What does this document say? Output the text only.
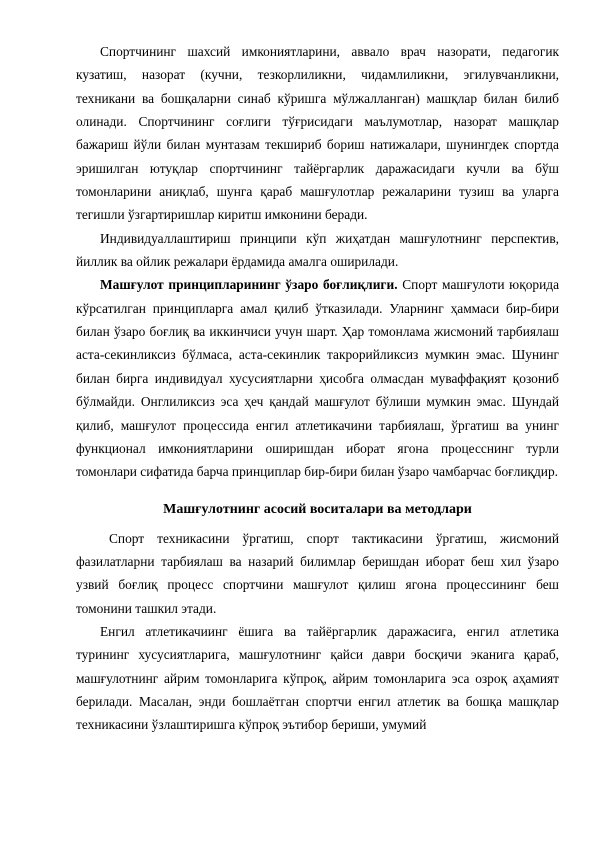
Спортчининг шахсий имкониятларини, аввало врач назорати, педагогик кузатиш, назорат (кучни, тезкорлиликни, чидамлиликни, эгилувчанликни, техникани ва бошқаларни синаб кўришга мўлжалланган) машқлар билан билиб олинади. Спортчининг соғлиги тўғрисидаги маълумотлар, назорат машқлар бажариш йўли билан мунтазам текшириб бориш натижалари, шунингдек спортда эришилган ютуқлар спортчининг тайёргарлик даражасидаги кучли ва бўш томонларини аниқлаб, шунга қараб машғулотлар режаларини тузиш ва уларга тегишли ўзгартиришлар киритш имконини беради.

Индивидуаллаштириш принципи кўп жиҳатдан машғулотнинг перспектив, йиллик ва ойлик режалари ёрдамида амалга оширилади.

Машғулот принципларининг ўзаро боғлиқлиги. Спорт машғулоти юқорида кўрсатилган принципларга амал қилиб ўтказилади. Уларнинг ҳаммаси бир-бири билан ўзаро боғлиқ ва иккинчиси учун шарт. Ҳар томонлама жисмоний тарбиялаш аста-секинликсиз бўлмаса, аста-секинлик такрорийликсиз мумкин эмас. Шунинг билан бирга индивидуал хусусиятларни ҳисобга олмасдан муваффақият қозониб бўлмайди. Онглиликсиз эса ҳеч қандай машғулот бўлиши мумкин эмас. Шундай қилиб, машғулот процессида енгил атлетикачини тарбиялаш, ўргатиш ва унинг функционал имкониятларини оширишдан иборат ягона процесснинг турли томонлари сифатида барча принциплар бир-бири билан ўзаро чамбарчас боғлиқдир.

Машғулотнинг асосий воситалари ва методлари

Спорт техникасини ўргатиш, спорт тактикасини ўргатиш, жисмоний фазилатларни тарбиялаш ва назарий билимлар беришдан иборат беш хил ўзаро узвий боғлиқ процесс спортчини машғулот қилиш ягона процессининг беш томонини ташкил этади.

Енгил атлетикачиинг ёшига ва тайёргарлик даражасига, енгил атлетика турининг хусусиятларига, машғулотнинг қайси даври босқичи эканига қараб, машғулотнинг айрим томонларига кўпроқ, айрим томонларига эса озроқ аҳамият берилади. Масалан, энди бошлаётган спортчи енгил атлетик ва бошқа машқлар техникасини ўзлаштиришга кўпроқ эътибор бериши, умумий
